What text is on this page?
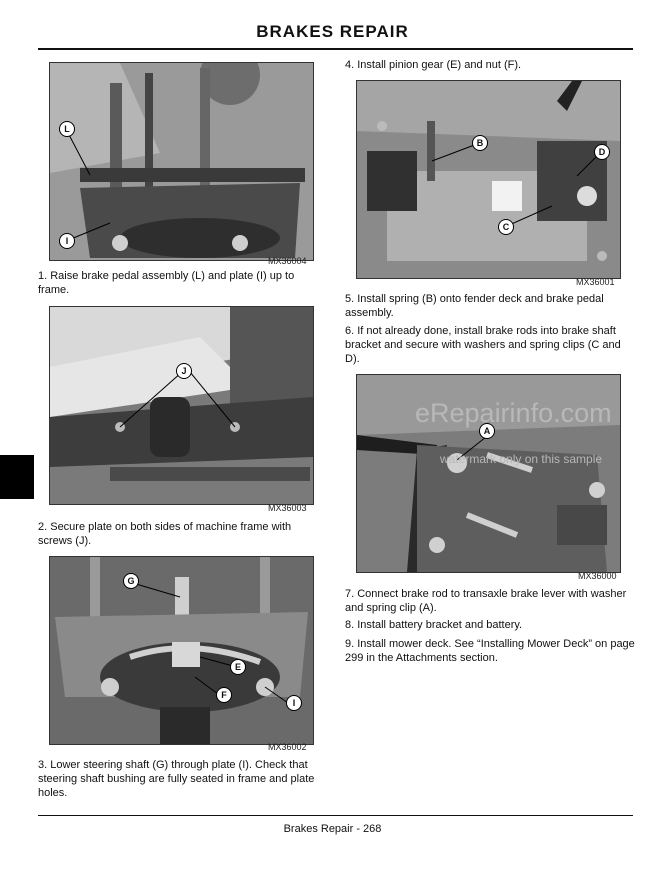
BRAKES REPAIR
L
I
MX36004
1. Raise brake pedal assembly (L) and plate (I) up to frame.
J
MX36003
2. Secure plate on both sides of machine frame with screws (J).
G
E
F
I
MX36002
3. Lower steering shaft (G) through plate (I). Check that steering shaft bushing are fully seated in frame and plate holes.
4. Install pinion gear (E) and nut (F).
B
D
C
MX36001
5. Install spring (B) onto fender deck and brake pedal assembly.
6. If not already done, install brake rods into brake shaft bracket and secure with washers and spring clips (C and D).
A
MX36000
7. Connect brake rod to transaxle brake lever with washer and spring clip (A).
8. Install battery bracket and battery.
9. Install mower deck. See “Installing Mower Deck” on page 299 in the Attachments section.
eRepairinfo.com
watermark only on this sample
Brakes Repair - 268
